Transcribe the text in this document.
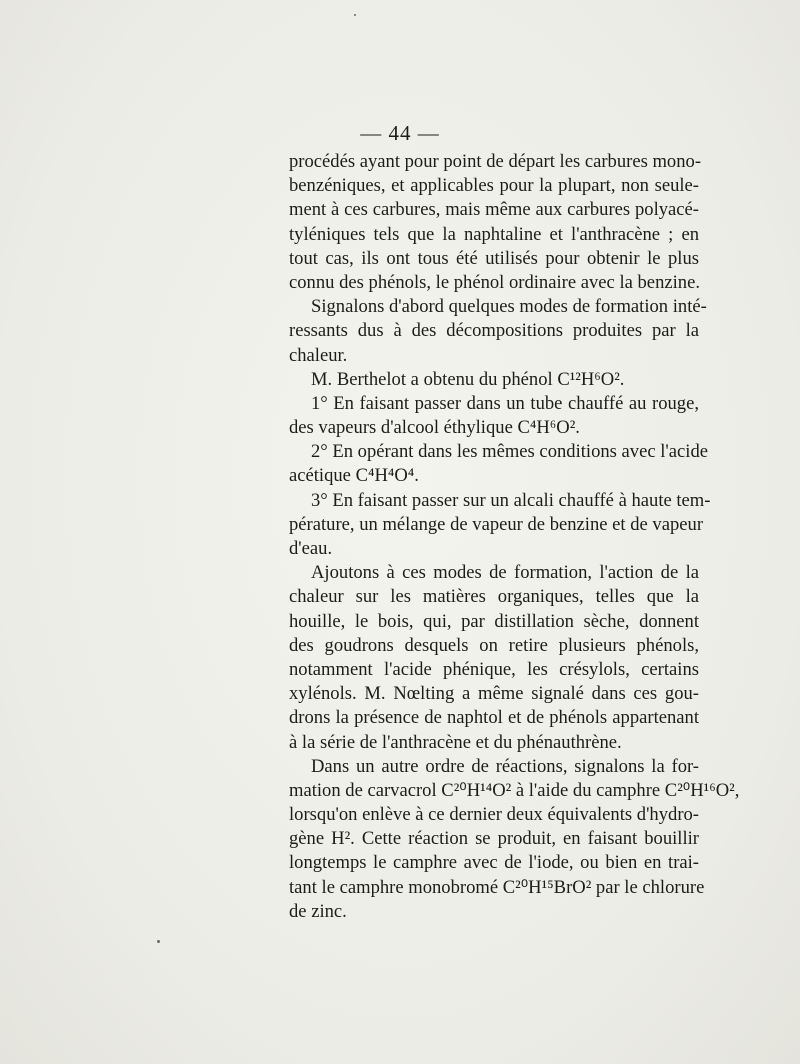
— 44 —
procédés ayant pour point de départ les carbures mono-
benzéniques, et applicables pour la plupart, non seule-
ment à ces carbures, mais même aux carbures polyacé-
tyléniques tels que la naphtaline et l'anthracène ; en
tout cas, ils ont tous été utilisés pour obtenir le plus
connu des phénols, le phénol ordinaire avec la benzine.
Signalons d'abord quelques modes de formation inté-
ressants dus à des décompositions produites par la
chaleur.
M. Berthelot a obtenu du phénol C¹²H⁶O².
1° En faisant passer dans un tube chauffé au rouge,
des vapeurs d'alcool éthylique C⁴H⁶O².
2° En opérant dans les mêmes conditions avec l'acide
acétique C⁴H⁴O⁴.
3° En faisant passer sur un alcali chauffé à haute tem-
pérature, un mélange de vapeur de benzine et de vapeur
d'eau.
Ajoutons à ces modes de formation, l'action de la
chaleur sur les matières organiques, telles que la
houille, le bois, qui, par distillation sèche, donnent
des goudrons desquels on retire plusieurs phénols,
notamment l'acide phénique, les crésylols, certains
xylénols. M. Nœlting a même signalé dans ces gou-
drons la présence de naphtol et de phénols appartenant
à la série de l'anthracène et du phénauthrène.
Dans un autre ordre de réactions, signalons la for-
mation de carvacrol C²⁰H¹⁴O² à l'aide du camphre C²⁰H¹⁶O²,
lorsqu'on enlève à ce dernier deux équivalents d'hydro-
gène H². Cette réaction se produit, en faisant bouillir
longtemps le camphre avec de l'iode, ou bien en trai-
tant le camphre monobromé C²⁰H¹⁵BrO² par le chlorure
de zinc.
